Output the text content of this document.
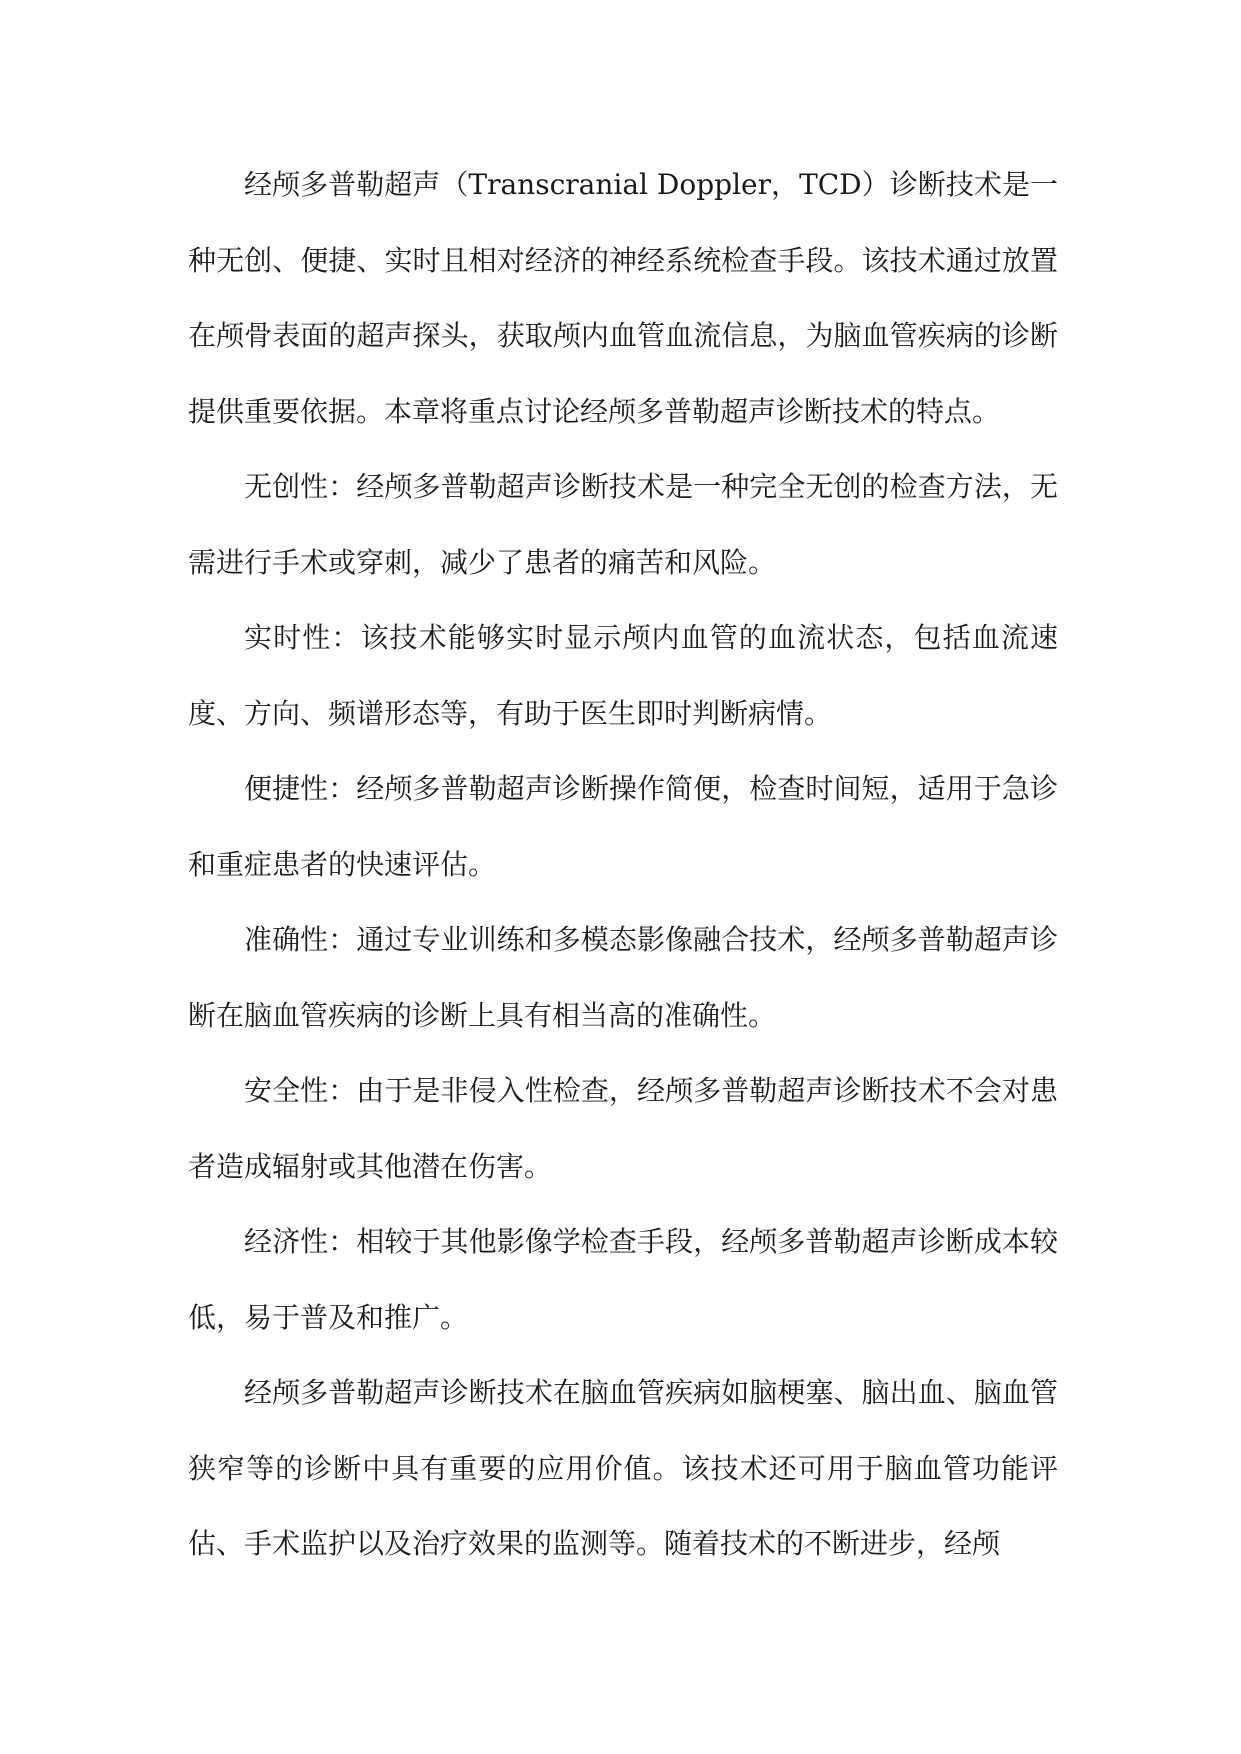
经颅多普勒超声（Transcranial Doppler，TCD）诊断技术是一种无创、便捷、实时且相对经济的神经系统检查手段。该技术通过放置在颅骨表面的超声探头，获取颅内血管血流信息，为脑血管疾病的诊断提供重要依据。本章将重点讨论经颅多普勒超声诊断技术的特点。

无创性：经颅多普勒超声诊断技术是一种完全无创的检查方法，无需进行手术或穿刺，减少了患者的痛苦和风险。

实时性：该技术能够实时显示颅内血管的血流状态，包括血流速度、方向、频谱形态等，有助于医生即时判断病情。

便捷性：经颅多普勒超声诊断操作简便，检查时间短，适用于急诊和重症患者的快速评估。

准确性：通过专业训练和多模态影像融合技术，经颅多普勒超声诊断在脑血管疾病的诊断上具有相当高的准确性。

安全性：由于是非侵入性检查，经颅多普勒超声诊断技术不会对患者造成辐射或其他潜在伤害。

经济性：相较于其他影像学检查手段，经颅多普勒超声诊断成本较低，易于普及和推广。

经颅多普勒超声诊断技术在脑血管疾病如脑梗塞、脑出血、脑血管狭窄等的诊断中具有重要的应用价值。该技术还可用于脑血管功能评估、手术监护以及治疗效果的监测等。随着技术的不断进步，经颅
